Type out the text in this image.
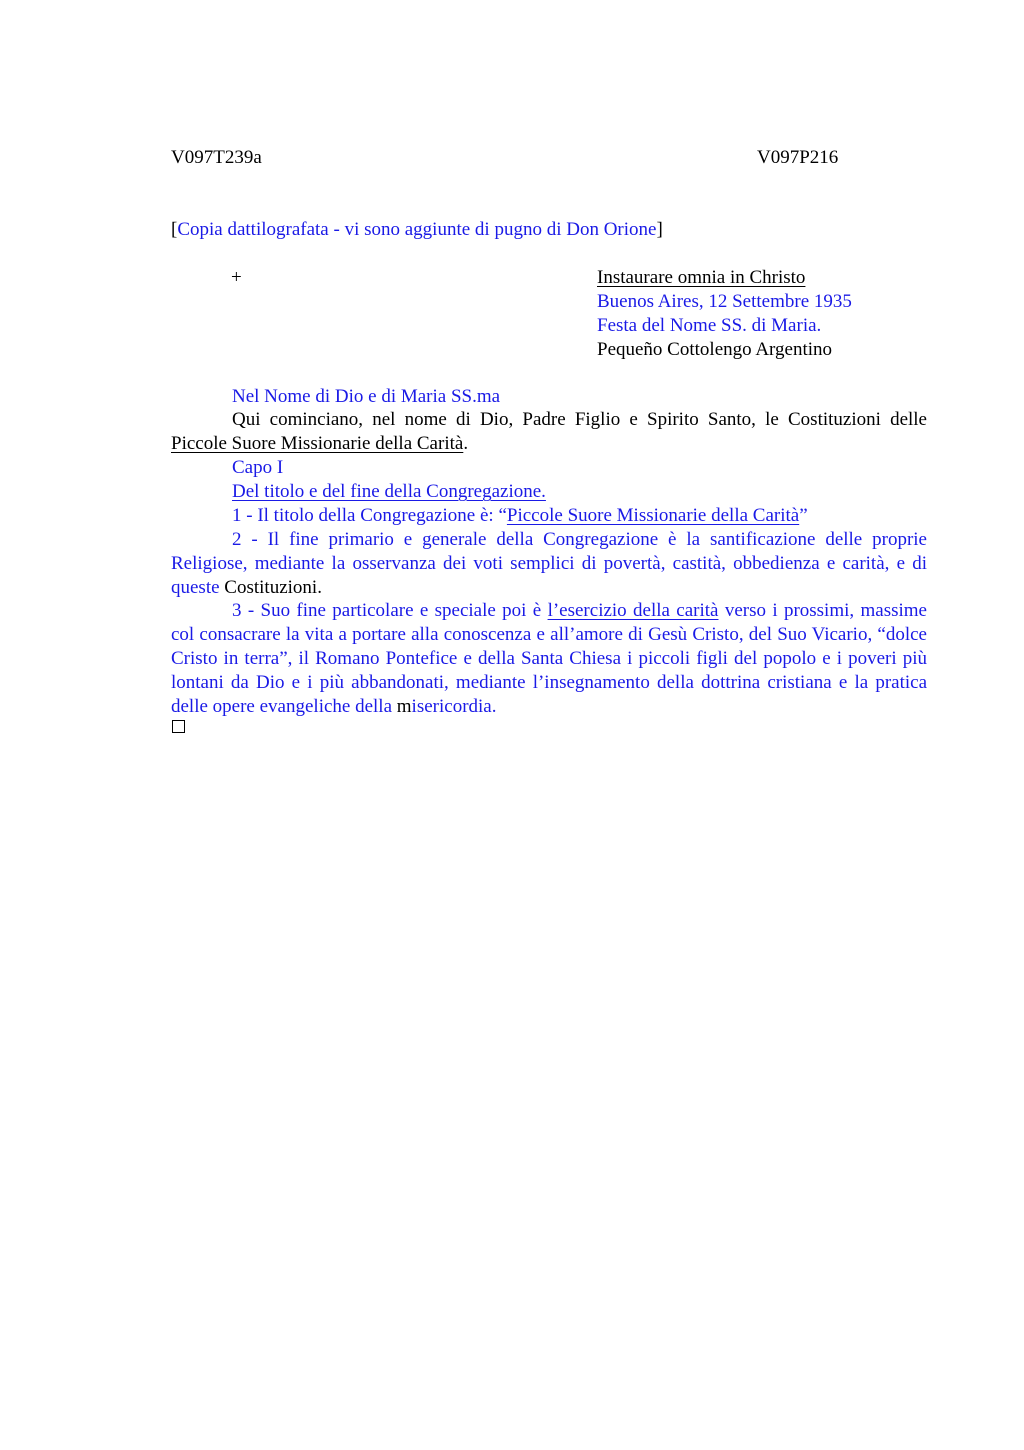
V097T239a	V097P216
[Copia dattilografata - vi sono aggiunte di pugno di Don Orione]
+	Instaurare omnia in Christo
Buenos Aires, 12 Settembre 1935
Festa del Nome SS. di Maria.
Pequeño Cottolengo Argentino
Nel Nome di Dio e di Maria SS.ma
Qui cominciano, nel nome di Dio, Padre Figlio e Spirito Santo, le Costituzioni delle Piccole Suore Missionarie della Carità.
Capo I
Del titolo e del fine della Congregazione.
1 - Il titolo della Congregazione è: “Piccole Suore Missionarie della Carità”
2 - Il fine primario e generale della Congregazione è la santificazione delle proprie Religiose, mediante la osservanza dei voti semplici di povertà, castità, obbedienza e carità, e di queste Costituzioni.
3 - Suo fine particolare e speciale poi è l’esercizio della carità verso i prossimi, massime col consacrare la vita a portare alla conoscenza e all’amore di Gesù Cristo, del Suo Vicario, “dolce Cristo in terra”, il Romano Pontefice e della Santa Chiesa i piccoli figli del popolo e i poveri più lontani da Dio e i più abbandonati, mediante l’insegnamento della dottrina cristiana e la pratica delle opere evangeliche della misericordia.
